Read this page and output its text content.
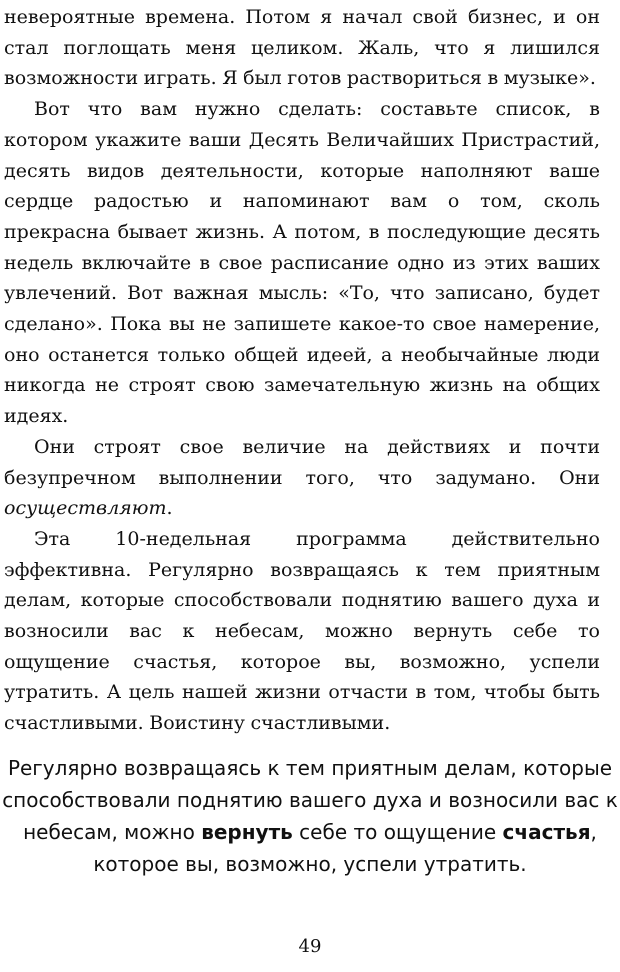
невероятные времена. Потом я начал свой бизнес, и он стал поглощать меня целиком. Жаль, что я лишился возможности играть. Я был готов раствориться в музыке».

Вот что вам нужно сделать: составьте список, в котором укажите ваши Десять Величайших Пристрастий, десять видов деятельности, которые наполняют ваше сердце радостью и напоминают вам о том, сколь прекрасна бывает жизнь. А потом, в последующие десять недель включайте в свое расписание одно из этих ваших увлечений. Вот важная мысль: «То, что записано, будет сделано». Пока вы не запишете какое-то свое намерение, оно останется только общей идеей, а необычайные люди никогда не строят свою замечательную жизнь на общих идеях.

Они строят свое величие на действиях и почти безупречном выполнении того, что задумано. Они осуществляют.

Эта 10-недельная программа действительно эффективна. Регулярно возвращаясь к тем приятным делам, которые способствовали поднятию вашего духа и возносили вас к небесам, можно вернуть себе то ощущение счастья, которое вы, возможно, успели утратить. А цель нашей жизни отчасти в том, чтобы быть счастливыми. Воистину счастливыми.

Регулярно возвращаясь к тем приятным делам, которые способствовали поднятию вашего духа и возносили вас к небесам, можно вернуть себе то ощущение счастья, которое вы, возможно, успели утратить.
49
